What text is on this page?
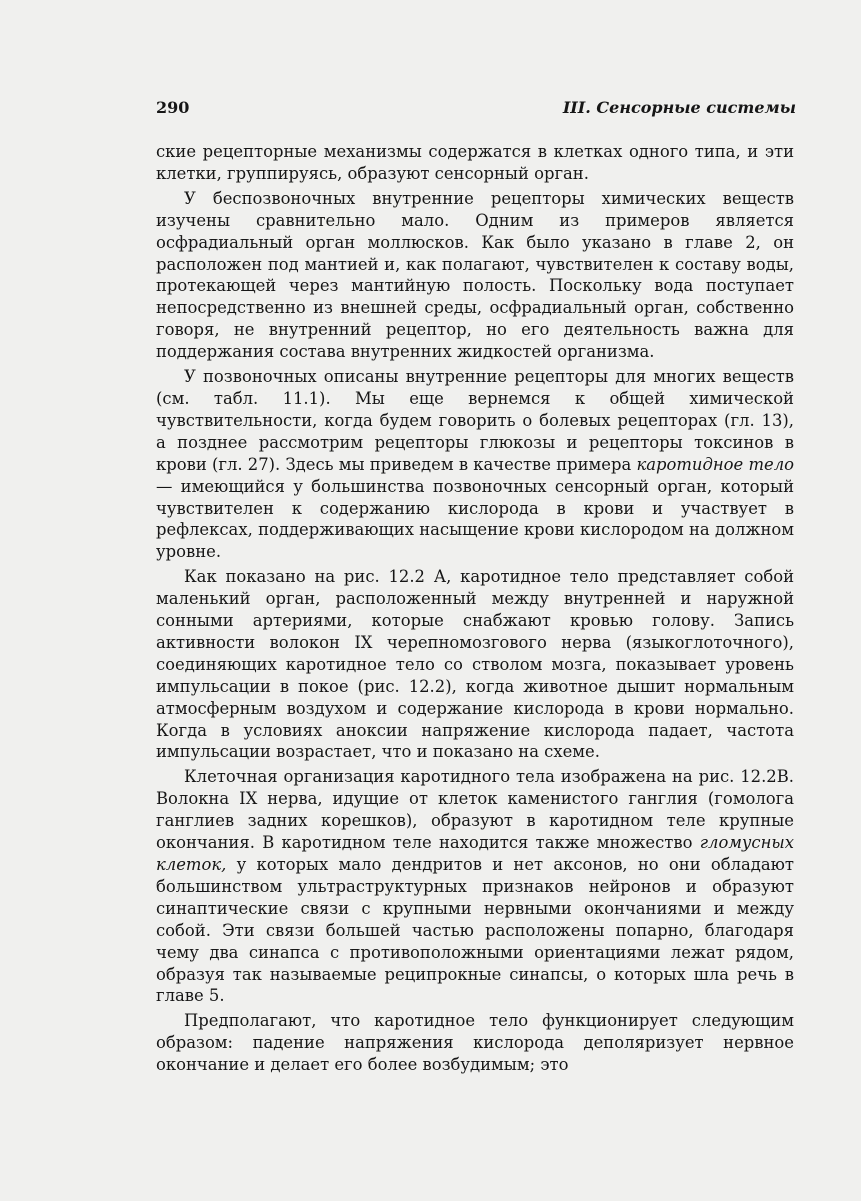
290	III. Сенсорные системы

ские рецепторные механизмы содержатся в клетках одного типа, и эти клетки, группируясь, образуют сенсорный орган.

У беспозвоночных внутренние рецепторы химических веществ изучены сравнительно мало. Одним из примеров является осфрадиальный орган моллюсков. Как было указано в главе 2, он расположен под мантией и, как полагают, чувствителен к составу воды, протекающей через мантийную полость. Поскольку вода поступает непосредственно из внешней среды, осфрадиальный орган, собственно говоря, не внутренний рецептор, но его деятельность важна для поддержания состава внутренних жидкостей организма.

У позвоночных описаны внутренние рецепторы для многих веществ (см. табл. 11.1). Мы еще вернемся к общей химической чувствительности, когда будем говорить о болевых рецепторах (гл. 13), а позднее рассмотрим рецепторы глюкозы и рецепторы токсинов в крови (гл. 27). Здесь мы приведем в качестве примера каротидное тело — имеющийся у большинства позвоночных сенсорный орган, который чувствителен к содержанию кислорода в крови и участвует в рефлексах, поддерживающих насыщение крови кислородом на должном уровне.

Как показано на рис. 12.2 А, каротидное тело представляет собой маленький орган, расположенный между внутренней и наружной сонными артериями, которые снабжают кровью голову. Запись активности волокон IX черепномозгового нерва (языкоглоточного), соединяющих каротидное тело со стволом мозга, показывает уровень импульсации в покое (рис. 12.2), когда животное дышит нормальным атмосферным воздухом и содержание кислорода в крови нормально. Когда в условиях аноксии напряжение кислорода падает, частота импульсации возрастает, что и показано на схеме.

Клеточная организация каротидного тела изображена на рис. 12.2В. Волокна IX нерва, идущие от клеток каменистого ганглия (гомолога ганглиев задних корешков), образуют в каротидном теле крупные окончания. В каротидном теле находится также множество гломусных клеток, у которых мало дендритов и нет аксонов, но они обладают большинством ультраструктурных признаков нейронов и образуют синаптические связи с крупными нервными окончаниями и между собой. Эти связи большей частью расположены попарно, благодаря чему два синапса с противоположными ориентациями лежат рядом, образуя так называемые реципрокные синапсы, о которых шла речь в главе 5.

Предполагают, что каротидное тело функционирует следующим образом: падение напряжения кислорода деполяризует нервное окончание и делает его более возбудимым; это
